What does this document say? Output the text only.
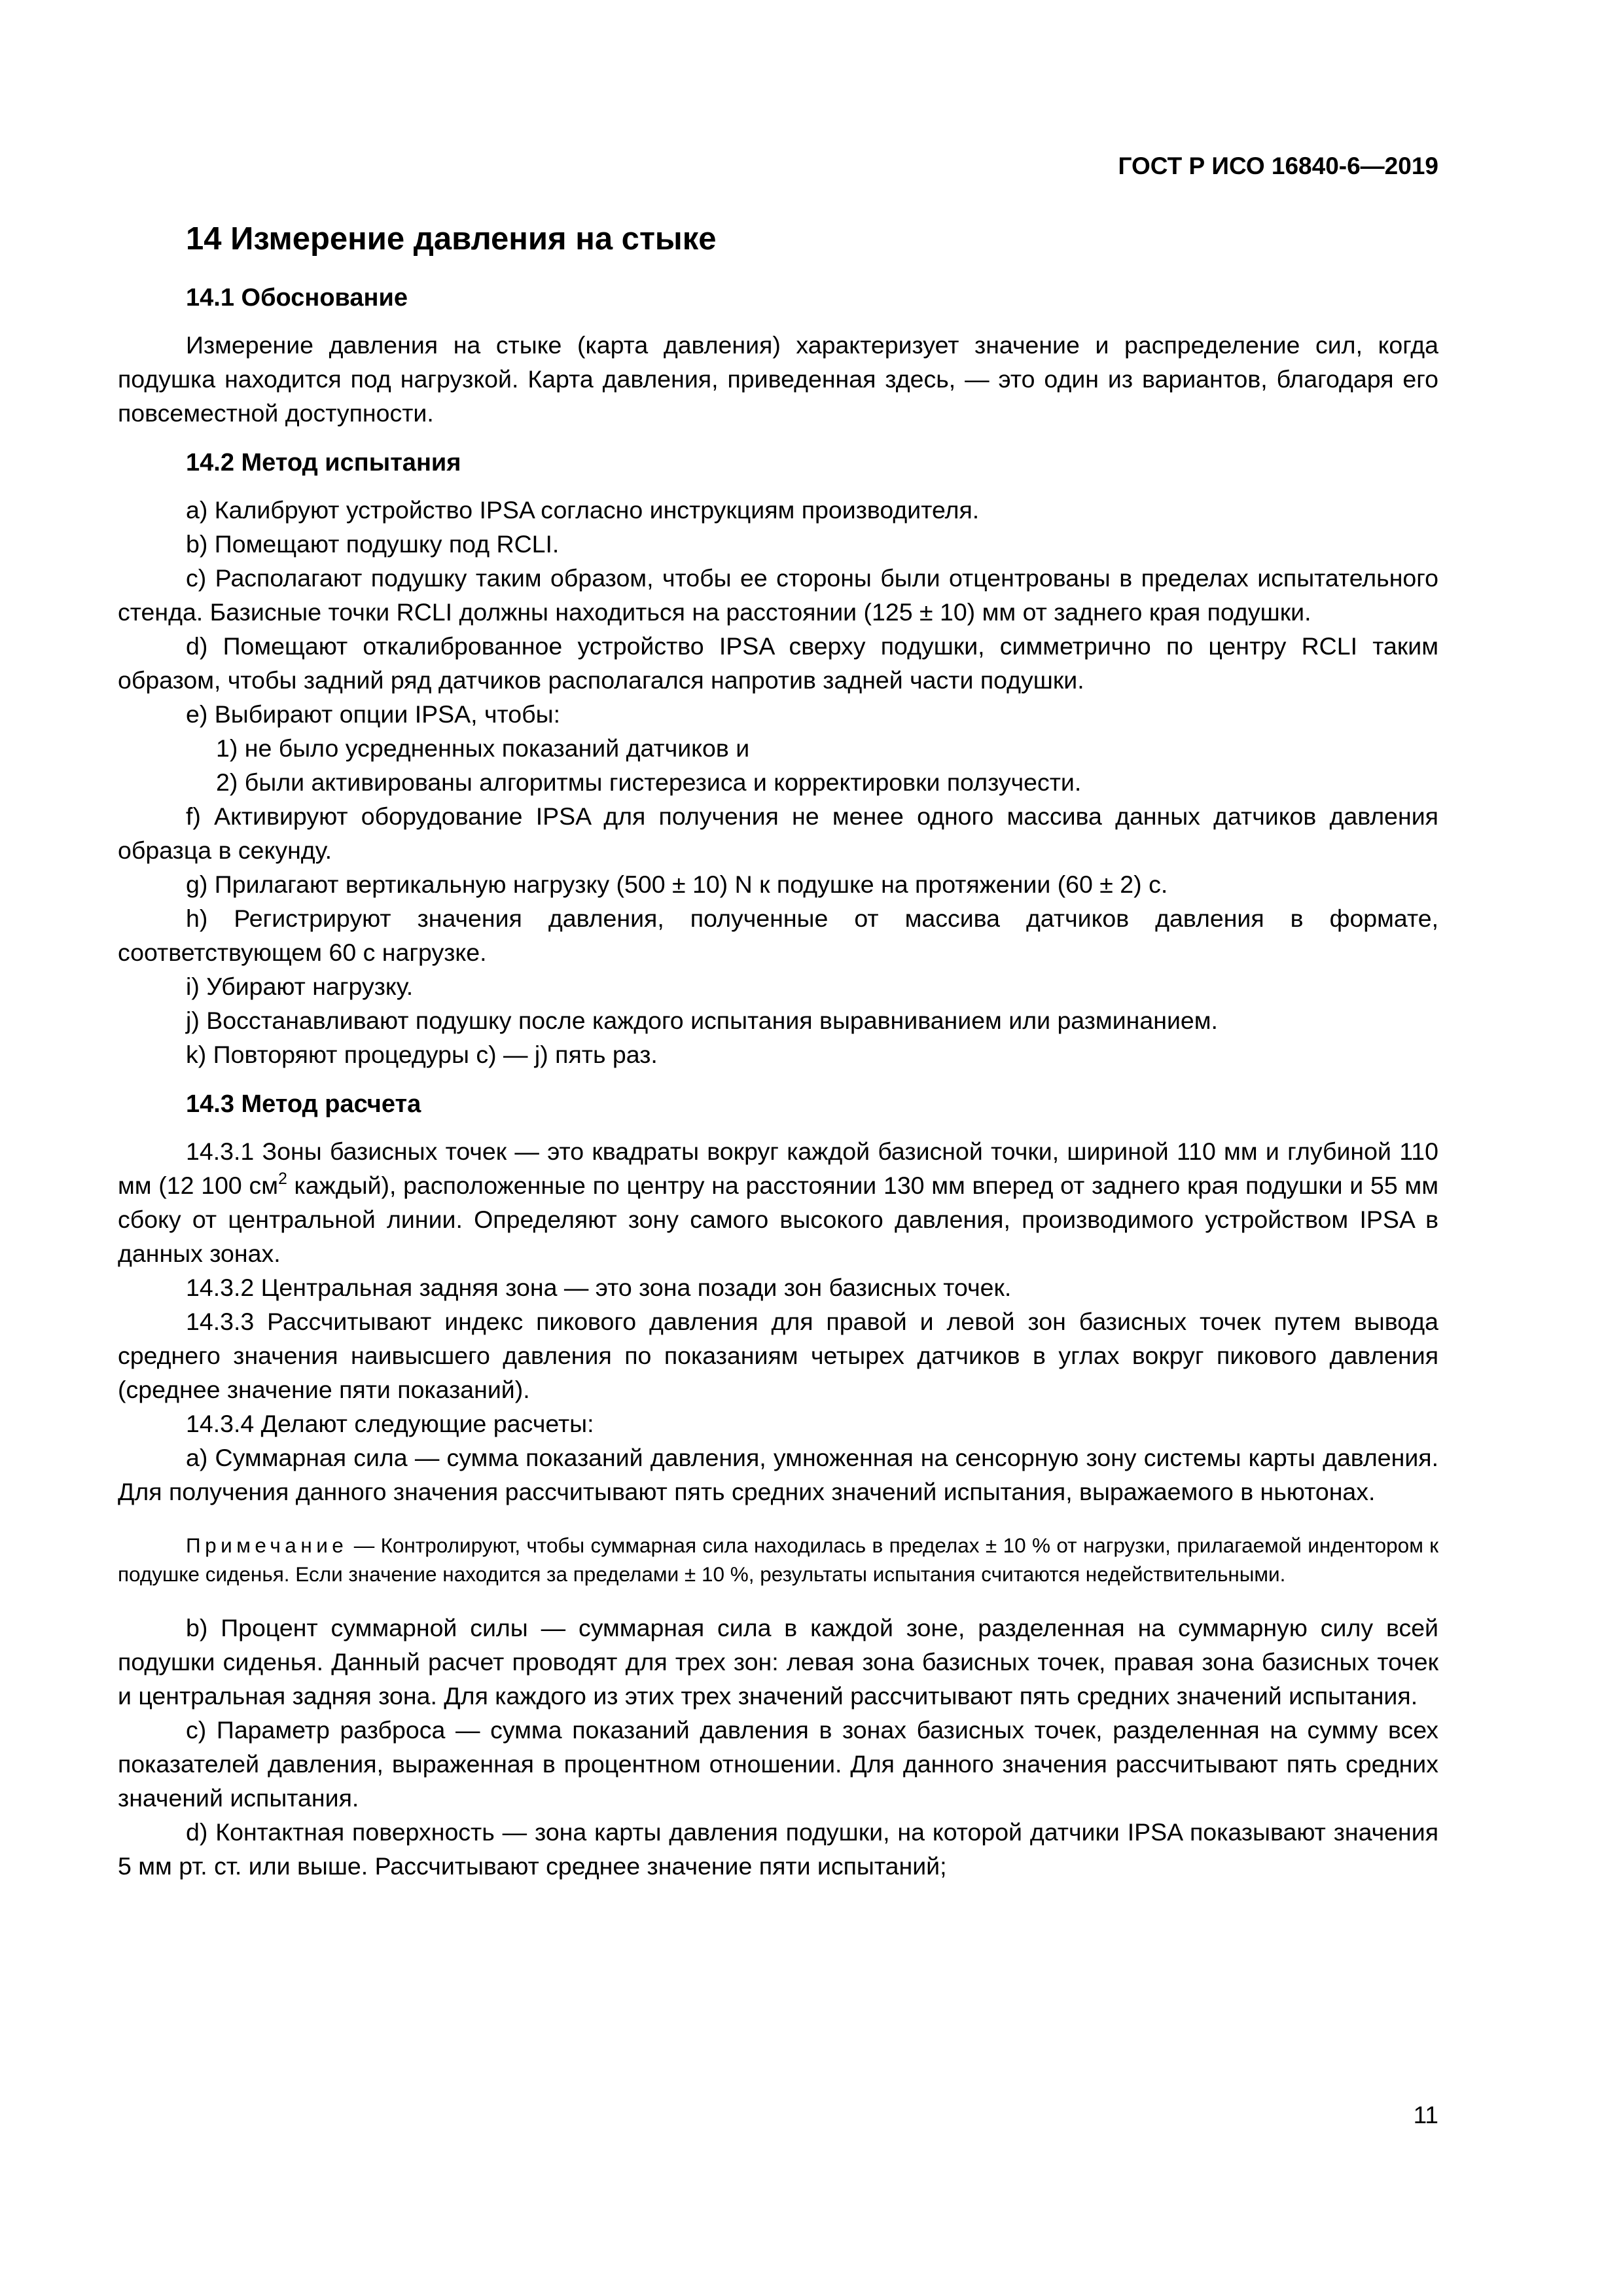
ГОСТ Р ИСО 16840-6—2019
14 Измерение давления на стыке
14.1 Обоснование

Измерение давления на стыке (карта давления) характеризует значение и распределение сил, когда подушка находится под нагрузкой. Карта давления, приведенная здесь, — это один из вариантов, благодаря его повсеместной доступности.

14.2 Метод испытания

a) Калибруют устройство IPSA согласно инструкциям производителя.

b) Помещают подушку под RCLI.

c) Располагают подушку таким образом, чтобы ее стороны были отцентрованы в пределах испытательного стенда. Базисные точки RCLI должны находиться на расстоянии (125 ± 10) мм от заднего края подушки.

d) Помещают откалиброванное устройство IPSA сверху подушки, симметрично по центру RCLI таким образом, чтобы задний ряд датчиков располагался напротив задней части подушки.

e) Выбирают опции IPSA, чтобы:

1) не было усредненных показаний датчиков и

2) были активированы алгоритмы гистерезиса и корректировки ползучести.

f) Активируют оборудование IPSA для получения не менее одного массива данных датчиков давления образца в секунду.

g) Прилагают вертикальную нагрузку (500 ± 10) N к подушке на протяжении (60 ± 2) с.

h) Регистрируют значения давления, полученные от массива датчиков давления в формате, соответствующем 60 с нагрузке.

i) Убирают нагрузку.

j) Восстанавливают подушку после каждого испытания выравниванием или разминанием.

k) Повторяют процедуры c) — j) пять раз.

14.3 Метод расчета

14.3.1 Зоны базисных точек — это квадраты вокруг каждой базисной точки, шириной 110 мм и глубиной 110 мм (12 100 $см^2$ каждый), расположенные по центру на расстоянии 130 мм вперед от заднего края подушки и 55 мм сбоку от центральной линии. Определяют зону самого высокого давления, производимого устройством IPSA в данных зонах.

14.3.2 Центральная задняя зона — это зона позади зон базисных точек.

14.3.3 Рассчитывают индекс пикового давления для правой и левой зон базисных точек путем вывода среднего значения наивысшего давления по показаниям четырех датчиков в углах вокруг пикового давления (среднее значение пяти показаний).

14.3.4 Делают следующие расчеты:

a) Суммарная сила — сумма показаний давления, умноженная на сенсорную зону системы карты давления. Для получения данного значения рассчитывают пять средних значений испытания, выражаемого в ньютонах.

Примечание — Контролируют, чтобы суммарная сила находилась в пределах ± 10 % от нагрузки, прилагаемой индентором к подушке сиденья. Если значение находится за пределами ± 10 %, результаты испытания считаются недействительными.

b) Процент суммарной силы — суммарная сила в каждой зоне, разделенная на суммарную силу всей подушки сиденья. Данный расчет проводят для трех зон: левая зона базисных точек, правая зона базисных точек и центральная задняя зона. Для каждого из этих трех значений рассчитывают пять средних значений испытания.

c) Параметр разброса — сумма показаний давления в зонах базисных точек, разделенная на сумму всех показателей давления, выраженная в процентном отношении. Для данного значения рассчитывают пять средних значений испытания.

d) Контактная поверхность — зона карты давления подушки, на которой датчики IPSA показывают значения 5 мм рт. ст. или выше. Рассчитывают среднее значение пяти испытаний;

11
